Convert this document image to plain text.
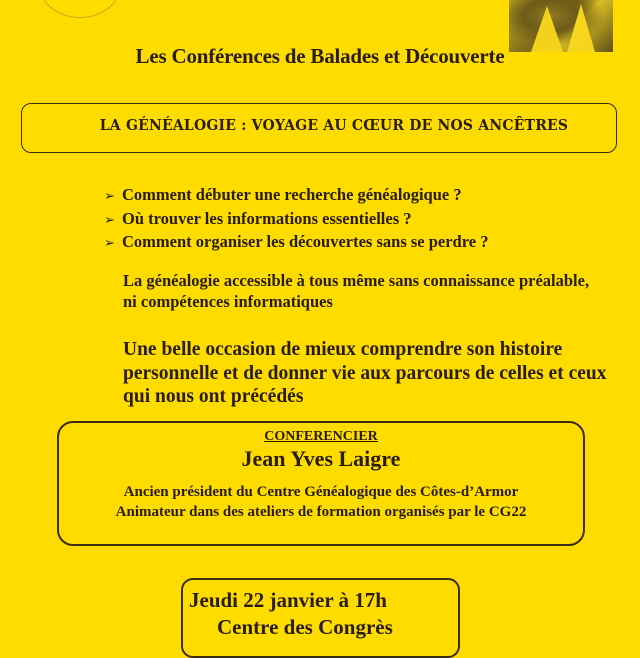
Les Conférences de Balades et Découverte
LA GÉNÉALOGIE : VOYAGE AU CŒUR DE NOS ANCÊTRES
➢ Comment débuter une recherche généalogique ?
➢ Où trouver les informations essentielles ?
➢ Comment organiser les découvertes sans se perdre ?
La généalogie accessible à tous même sans connaissance préalable, ni compétences informatiques
Une belle occasion de mieux comprendre son histoire personnelle et de donner vie aux parcours de celles et ceux qui nous ont précédés
CONFERENCIER
Jean Yves Laigre
Ancien président du Centre Généalogique des Côtes-d’Armor
Animateur dans des ateliers de formation organisés par le CG22
Jeudi 22 janvier à 17h
Centre des Congrès
